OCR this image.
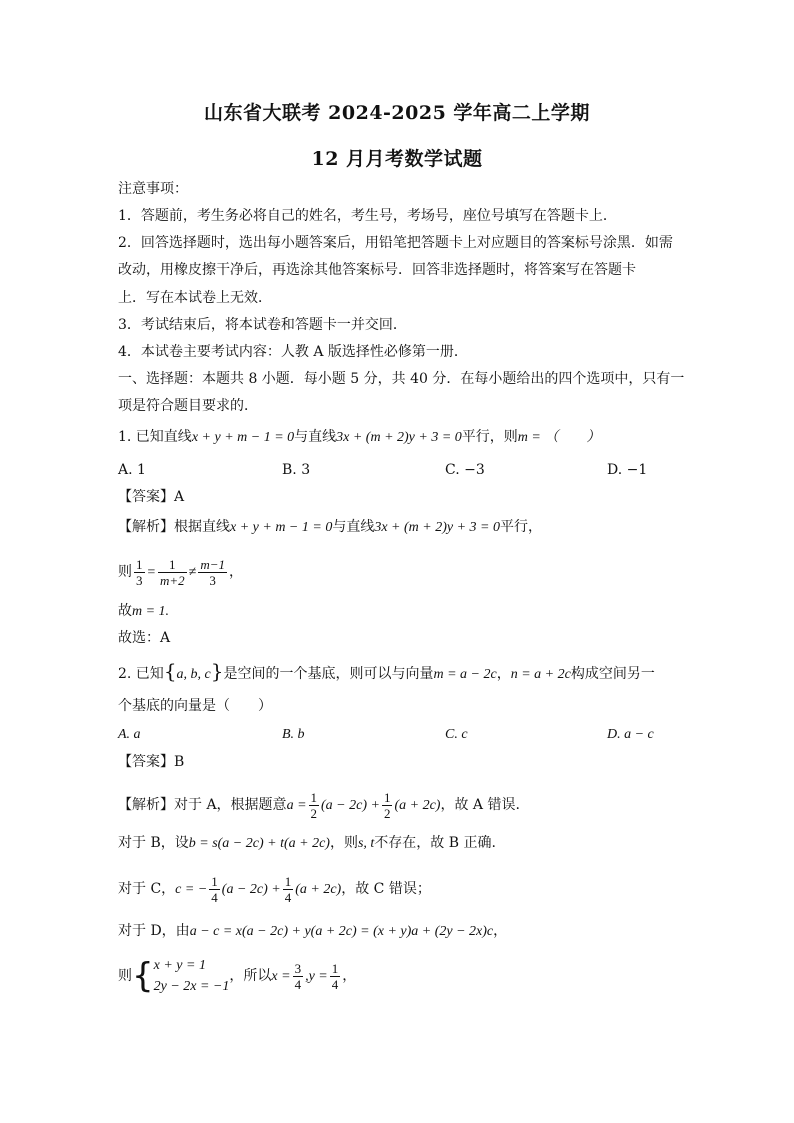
山东省大联考 2024-2025 学年高二上学期
12 月月考数学试题
注意事项：
1．答题前，考生务必将自己的姓名，考生号，考场号，座位号填写在答题卡上．
2．回答选择题时，选出每小题答案后，用铅笔把答题卡上对应题目的答案标号涂黑．如需
改动，用橡皮擦干净后，再选涂其他答案标号．回答非选择题时，将答案写在答题卡
上．写在本试卷上无效．
3．考试结束后，将本试卷和答题卡一并交回．
4．本试卷主要考试内容：人教 A 版选择性必修第一册．
一、选择题：本题共 8 小题．每小题 5 分，共 40 分．在每小题给出的四个选项中，只有一
项是符合题目要求的．
1. 已知直线x + y + m − 1 = 0与直线3x + (m + 2)y + 3 = 0平行，则m = （　　）
A. 1	B. 3	C. −3	D. −1
【答案】A
【解析】根据直线x + y + m − 1 = 0与直线3x + (m + 2)y + 3 = 0平行，
则 $\frac{1}{3} = \frac{1}{m+2} \ne \frac{m-1}{3}$ ，
故m = 1.
故选：A
2. 已知{a, b, c}是空间的一个基底，则可以与向量m = a − 2c，n = a + 2c构成空间另一
个基底的向量是（　　）
A. a	B. b	C. c	D. a − c
【答案】B
【解析】对于 A，根据题意$a = \frac{1}{2} (a - 2c) + \frac{1}{2} (a + 2c)$，故 A 错误.
对于 B，设b = s(a − 2c) + t(a + 2c)，则s, t不存在，故 B 正确.
对于 C，c = − $\frac{1}{4} (a - 2c) + \frac{1}{4} (a + 2c)$，故 C 错误；
对于 D，由a − c = x(a − 2c) + y(a + 2c) = (x + y)a + (2y − 2x)c，
则{ x + y = 1
2y − 2x = −1
，所以$x = \frac{3}{4} ,y = \frac{1}{4}$ ，
